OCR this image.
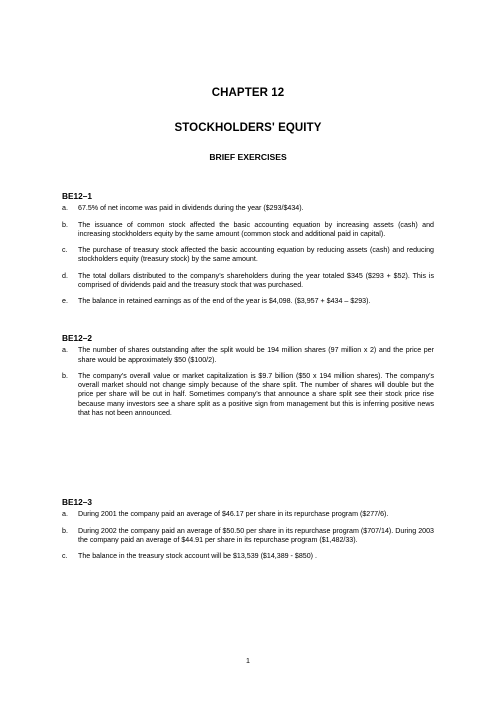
CHAPTER 12
STOCKHOLDERS' EQUITY
BRIEF EXERCISES
BE12–1
a. 67.5% of net income was paid in dividends during the year ($293/$434).
b. The issuance of common stock affected the basic accounting equation by increasing assets (cash) and increasing stockholders equity by the same amount (common stock and additional paid in capital).
c. The purchase of treasury stock affected the basic accounting equation by reducing assets (cash) and reducing stockholders equity (treasury stock) by the same amount.
d. The total dollars distributed to the company’s shareholders during the year totaled $345 ($293 + $52). This is comprised of dividends paid and the treasury stock that was purchased.
e. The balance in retained earnings as of the end of the year is $4,098. ($3,957 + $434 – $293).
BE12–2
a. The number of shares outstanding after the split would be 194 million shares (97 million x 2) and the price per share would be approximately $50 ($100/2).
b. The company’s overall value or market capitalization is $9.7 billion ($50 x 194 million shares). The company’s overall market should not change simply because of the share split. The number of shares will double but the price per share will be cut in half. Sometimes company’s that announce a share split see their stock price rise because many investors see a share split as a positive sign from management but this is inferring positive news that has not been announced.
BE12–3
a. During 2001 the company paid an average of $46.17 per share in its repurchase program ($277/6).
b. During 2002 the company paid an average of $50.50 per share in its repurchase program ($707/14). During 2003 the company paid an average of $44.91 per share in its repurchase program ($1,482/33).
c. The balance in the treasury stock account will be $13,539 ($14,389 - $850) .
1
